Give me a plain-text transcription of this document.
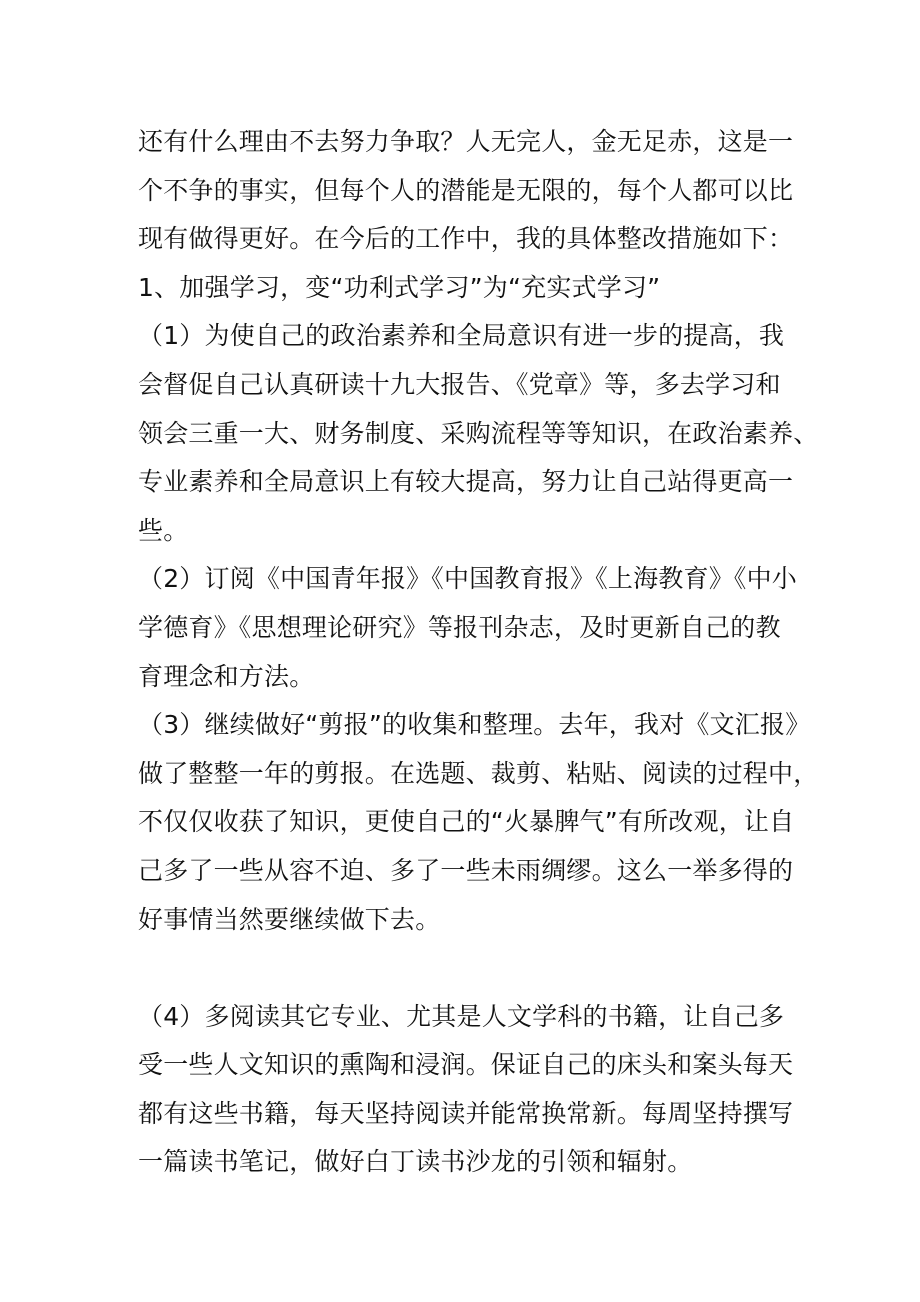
还有什么理由不去努力争取？人无完人，金无足赤，这是一
个不争的事实，但每个人的潜能是无限的，每个人都可以比
现有做得更好。在今后的工作中，我的具体整改措施如下：
1、加强学习，变“功利式学习”为“充实式学习”
（1）为使自己的政治素养和全局意识有进一步的提高，我
会督促自己认真研读十九大报告、《党章》等，多去学习和
领会三重一大、财务制度、采购流程等等知识，在政治素养、
专业素养和全局意识上有较大提高，努力让自己站得更高一
些。
（2）订阅《中国青年报》《中国教育报》《上海教育》《中小
学德育》《思想理论研究》等报刊杂志，及时更新自己的教
育理念和方法。
（3）继续做好“剪报”的收集和整理。去年，我对《文汇报》
做了整整一年的剪报。在选题、裁剪、粘贴、阅读的过程中，
不仅仅收获了知识，更使自己的“火暴脾气”有所改观，让自
己多了一些从容不迫、多了一些未雨绸缪。这么一举多得的
好事情当然要继续做下去。
（4）多阅读其它专业、尤其是人文学科的书籍，让自己多
受一些人文知识的熏陶和浸润。保证自己的床头和案头每天
都有这些书籍，每天坚持阅读并能常换常新。每周坚持撰写
一篇读书笔记，做好白丁读书沙龙的引领和辐射。
